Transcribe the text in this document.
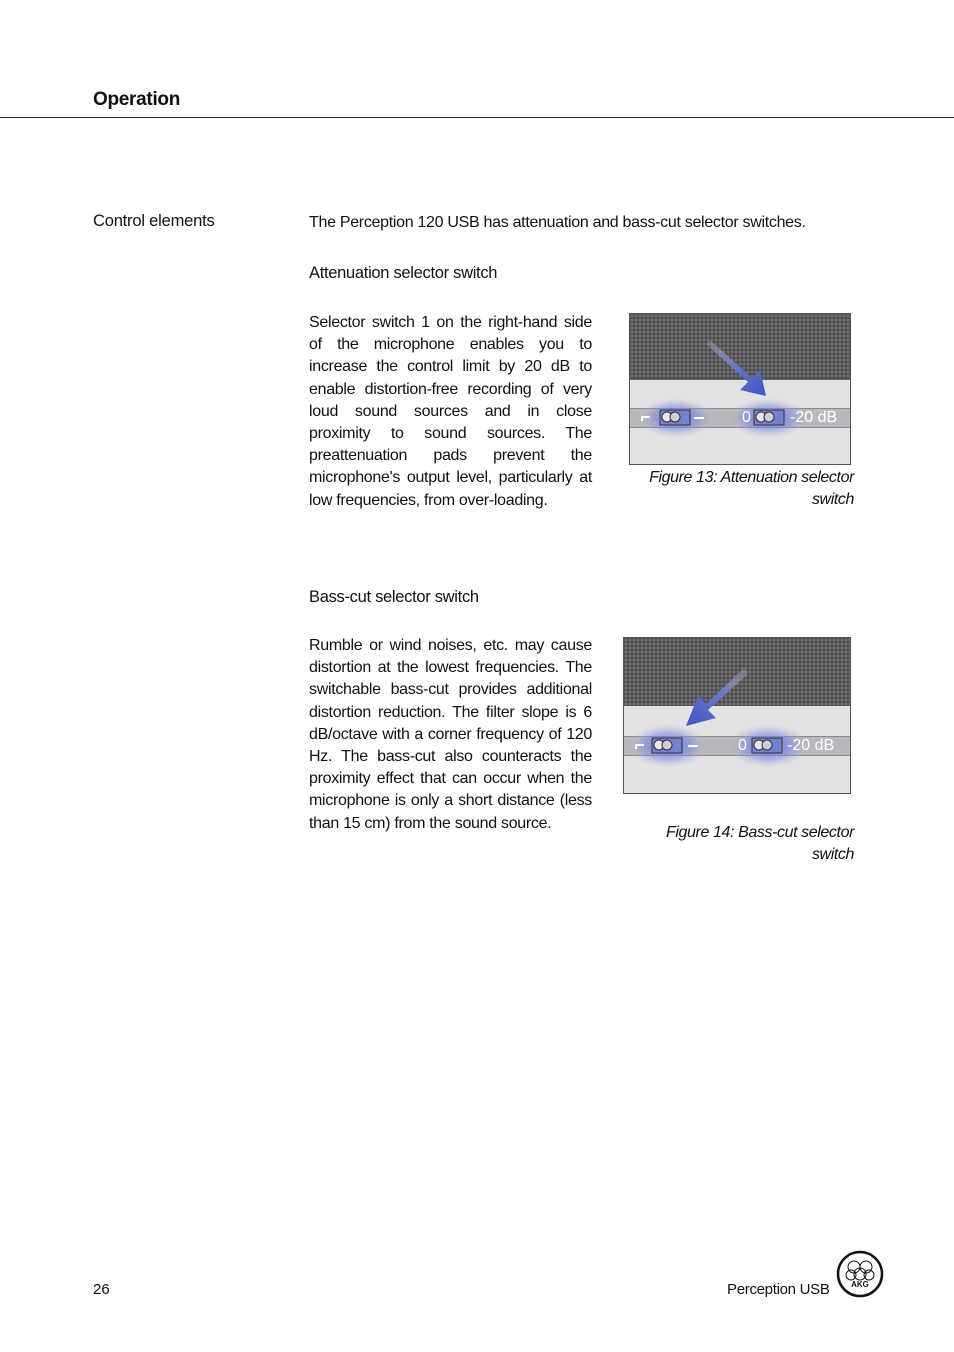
Operation
Control elements	The Perception 120 USB has attenuation and bass-cut selector switches.
Attenuation selector switch
Selector switch 1 on the right-hand side of the microphone enables you to increase the control limit by 20 dB to enable distortion-free recording of very loud sound sources and in close proximity to sound sources. The preattenuation pads prevent the microphone's output level, particularly at low frequencies, from over-loading.
0 -20 dB
Figure 13: Attenuation selector
switch
Bass-cut selector switch
Rumble or wind noises, etc. may cause distortion at the lowest frequencies. The switchable bass-cut provides additional distortion reduction. The filter slope is 6 dB/octave with a corner frequency of 120 Hz. The bass-cut also counteracts the proximity effect that can occur when the microphone is only a short distance (less than 15 cm) from the sound source.
0	-20 dB
Figure 14: Bass-cut selector
switch
26	Perception USB	AKG
